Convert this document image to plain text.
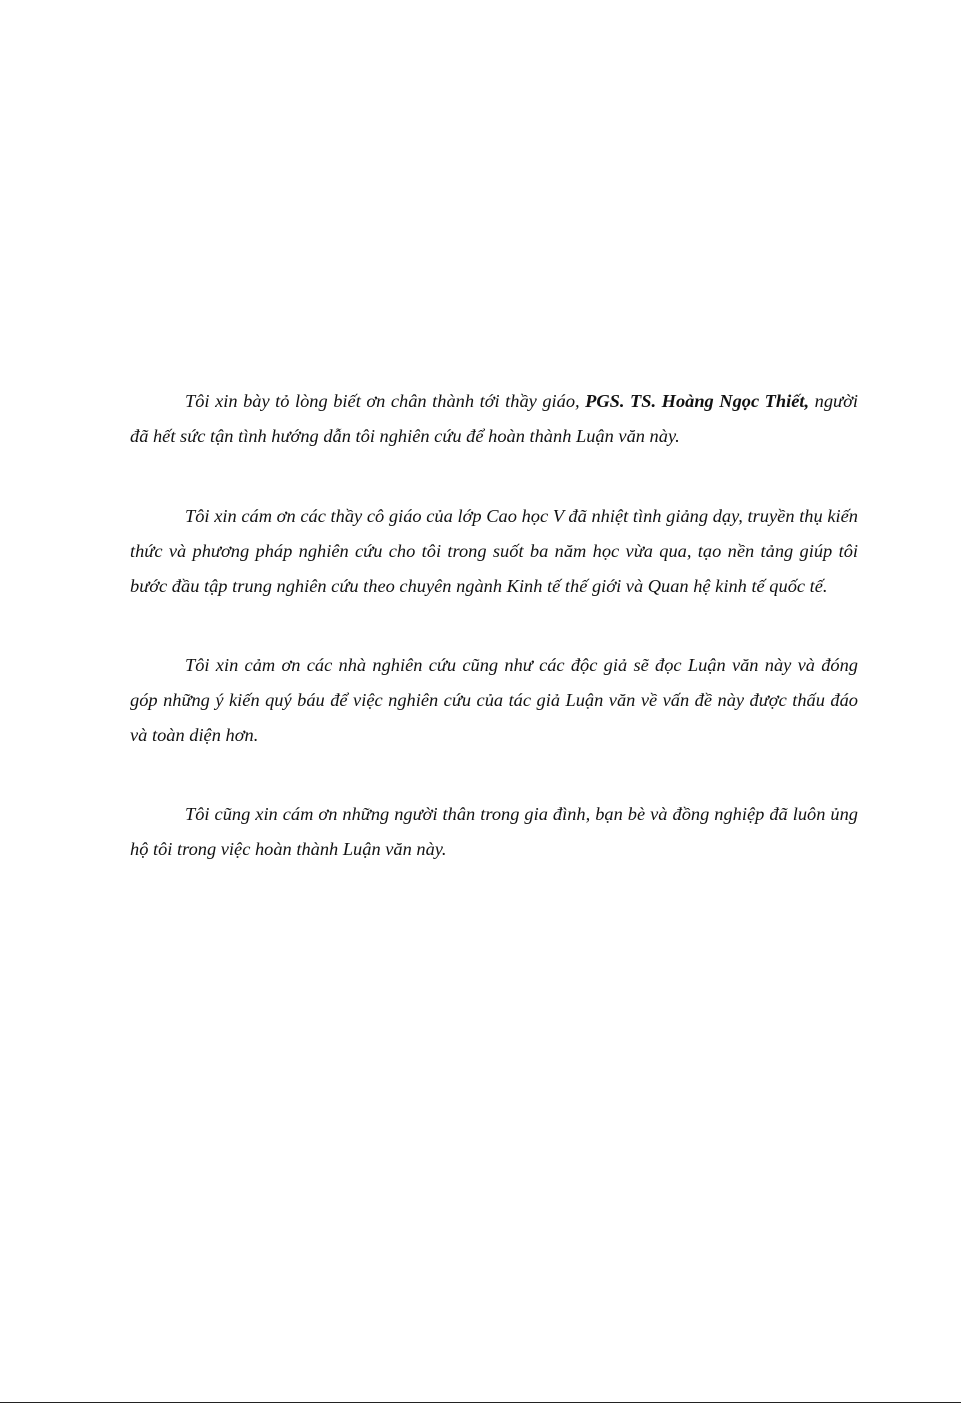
Tôi xin bày tỏ lòng biết ơn chân thành tới thầy giáo, PGS. TS. Hoàng Ngọc Thiết, người đã hết sức tận tình hướng dẫn tôi nghiên cứu để hoàn thành Luận văn này.

Tôi xin cám ơn các thầy cô giáo của lớp Cao học V đã nhiệt tình giảng dạy, truyền thụ kiến thức và phương pháp nghiên cứu cho tôi trong suốt ba năm học vừa qua, tạo nền tảng giúp tôi bước đầu tập trung nghiên cứu theo chuyên ngành Kinh tế thế giới và Quan hệ kinh tế quốc tế.

Tôi xin cảm ơn các nhà nghiên cứu cũng như các độc giả sẽ đọc Luận văn này và đóng góp những ý kiến quý báu để việc nghiên cứu của tác giả Luận văn về vấn đề này được thấu đáo và toàn diện hơn.

Tôi cũng xin cám ơn những người thân trong gia đình, bạn bè và đồng nghiệp đã luôn ủng hộ tôi trong việc hoàn thành Luận văn này.
